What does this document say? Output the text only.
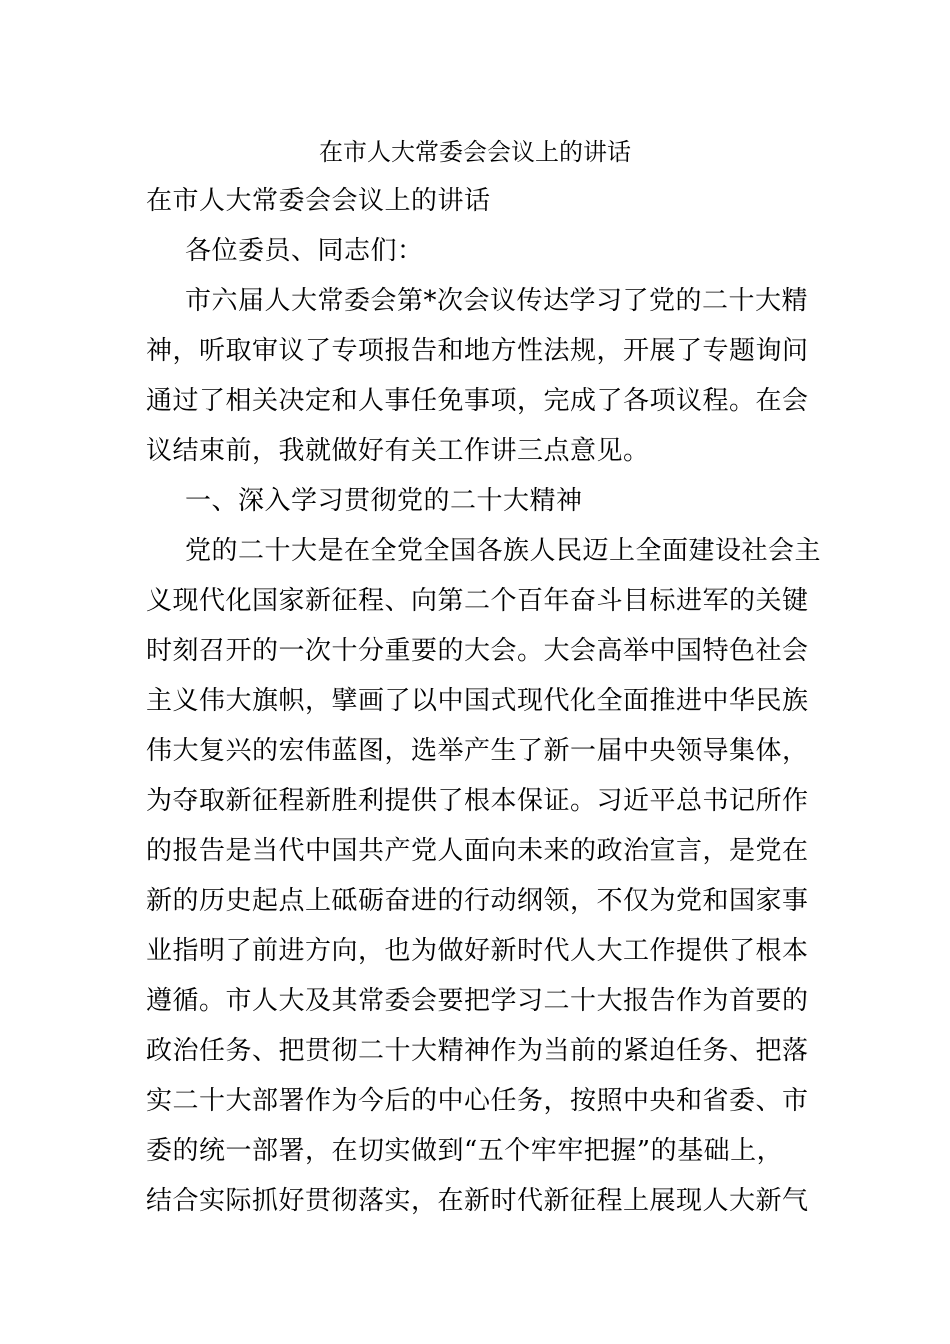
在市人大常委会会议上的讲话
在市人大常委会会议上的讲话
各位委员、同志们：
市六届人大常委会第*次会议传达学习了党的二十大精
神，听取审议了专项报告和地方性法规，开展了专题询问
通过了相关决定和人事任免事项，完成了各项议程。在会
议结束前，我就做好有关工作讲三点意见。
一、深入学习贯彻党的二十大精神
党的二十大是在全党全国各族人民迈上全面建设社会主
义现代化国家新征程、向第二个百年奋斗目标进军的关键
时刻召开的一次十分重要的大会。大会高举中国特色社会
主义伟大旗帜，擘画了以中国式现代化全面推进中华民族
伟大复兴的宏伟蓝图，选举产生了新一届中央领导集体，
为夺取新征程新胜利提供了根本保证。习近平总书记所作
的报告是当代中国共产党人面向未来的政治宣言，是党在
新的历史起点上砥砺奋进的行动纲领，不仅为党和国家事
业指明了前进方向，也为做好新时代人大工作提供了根本
遵循。市人大及其常委会要把学习二十大报告作为首要的
政治任务、把贯彻二十大精神作为当前的紧迫任务、把落
实二十大部署作为今后的中心任务，按照中央和省委、市
委的统一部署，在切实做到“五个牢牢把握”的基础上，
结合实际抓好贯彻落实，在新时代新征程上展现人大新气
